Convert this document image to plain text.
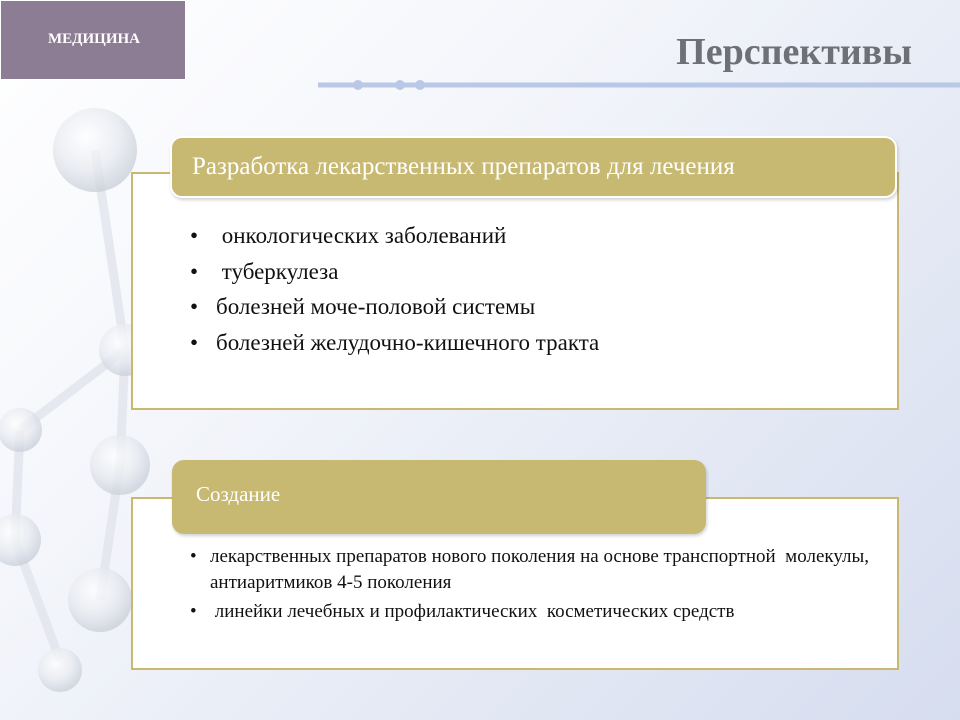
МЕДИЦИНА	Перспективы
Разработка лекарственных препаратов для лечения
• онкологических заболеваний
• туберкулеза
• болезней моче-половой системы
• болезней желудочно-кишечного тракта
Создание
• лекарственных препаратов нового поколения на основе транспортной  молекулы, антиаритмиков 4-5 поколения
• линейки лечебных и профилактических  косметических средств
